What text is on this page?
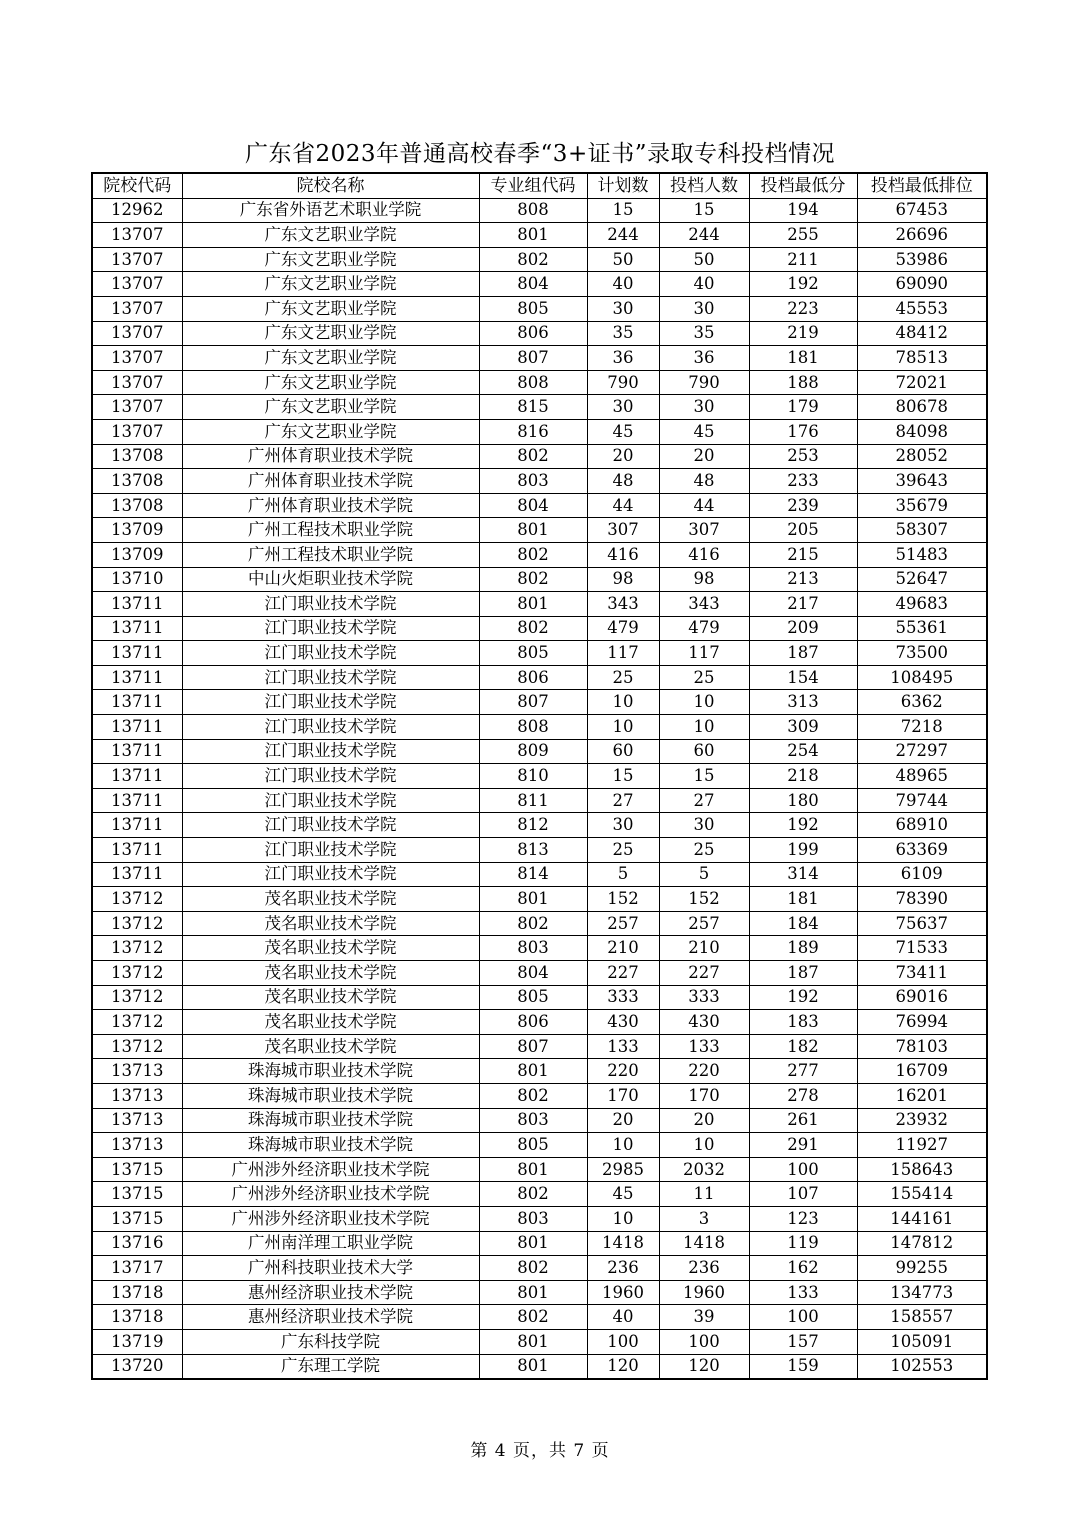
广东省2023年普通高校春季“3+证书”录取专科投档情况
院校代码	院校名称	专业组代码	计划数	投档人数	投档最低分	投档最低排位
12962	广东省外语艺术职业学院	808	15	15	194	67453
13707	广东文艺职业学院	801	244	244	255	26696
13707	广东文艺职业学院	802	50	50	211	53986
13707	广东文艺职业学院	804	40	40	192	69090
13707	广东文艺职业学院	805	30	30	223	45553
13707	广东文艺职业学院	806	35	35	219	48412
13707	广东文艺职业学院	807	36	36	181	78513
13707	广东文艺职业学院	808	790	790	188	72021
13707	广东文艺职业学院	815	30	30	179	80678
13707	广东文艺职业学院	816	45	45	176	84098
13708	广州体育职业技术学院	802	20	20	253	28052
13708	广州体育职业技术学院	803	48	48	233	39643
13708	广州体育职业技术学院	804	44	44	239	35679
13709	广州工程技术职业学院	801	307	307	205	58307
13709	广州工程技术职业学院	802	416	416	215	51483
13710	中山火炬职业技术学院	802	98	98	213	52647
13711	江门职业技术学院	801	343	343	217	49683
13711	江门职业技术学院	802	479	479	209	55361
13711	江门职业技术学院	805	117	117	187	73500
13711	江门职业技术学院	806	25	25	154	108495
13711	江门职业技术学院	807	10	10	313	6362
13711	江门职业技术学院	808	10	10	309	7218
13711	江门职业技术学院	809	60	60	254	27297
13711	江门职业技术学院	810	15	15	218	48965
13711	江门职业技术学院	811	27	27	180	79744
13711	江门职业技术学院	812	30	30	192	68910
13711	江门职业技术学院	813	25	25	199	63369
13711	江门职业技术学院	814	5	5	314	6109
13712	茂名职业技术学院	801	152	152	181	78390
13712	茂名职业技术学院	802	257	257	184	75637
13712	茂名职业技术学院	803	210	210	189	71533
13712	茂名职业技术学院	804	227	227	187	73411
13712	茂名职业技术学院	805	333	333	192	69016
13712	茂名职业技术学院	806	430	430	183	76994
13712	茂名职业技术学院	807	133	133	182	78103
13713	珠海城市职业技术学院	801	220	220	277	16709
13713	珠海城市职业技术学院	802	170	170	278	16201
13713	珠海城市职业技术学院	803	20	20	261	23932
13713	珠海城市职业技术学院	805	10	10	291	11927
13715	广州涉外经济职业技术学院	801	2985	2032	100	158643
13715	广州涉外经济职业技术学院	802	45	11	107	155414
13715	广州涉外经济职业技术学院	803	10	3	123	144161
13716	广州南洋理工职业学院	801	1418	1418	119	147812
13717	广州科技职业技术大学	802	236	236	162	99255
13718	惠州经济职业技术学院	801	1960	1960	133	134773
13718	惠州经济职业技术学院	802	40	39	100	158557
13719	广东科技学院	801	100	100	157	105091
13720	广东理工学院	801	120	120	159	102553
第 4 页，共 7 页
